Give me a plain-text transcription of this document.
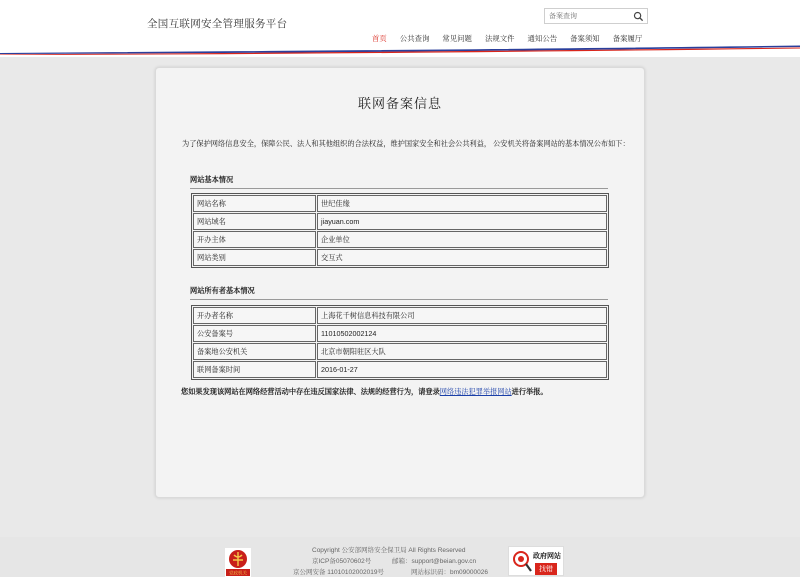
全国互联网安全管理服务平台
备案查询
首页 公共查询 常见问题 法规文件 通知公告 备案须知 备案履厅
联网备案信息
为了保护网络信息安全，保障公民、法人和其他组织的合法权益，维护国家安全和社会公共利益， 公安机关将备案网站的基本情况公布如下：
网站基本情况
网站名称	世纪佳缘
网站域名	jiayuan.com
开办主体	企业单位
网站类别	交互式
网站所有者基本情况
开办者名称	上海花千树信息科技有限公司
公安备案号	11010502002124
备案地公安机关	北京市朝阳驻区大队
联网备案时间	2016-01-27
您如果发现该网站在网络经营活动中存在违反国家法律、法规的经营行为，请登录网络违法犯罪举报网站进行举报。
Copyright 公安部网络安全保卫局 All Rights Reserved
京ICP备05070602号	邮箱：support@beian.gov.cn
京公网安备 11010102002019号	网站标识码：bm09000026
党政机关
政府网站
找错
